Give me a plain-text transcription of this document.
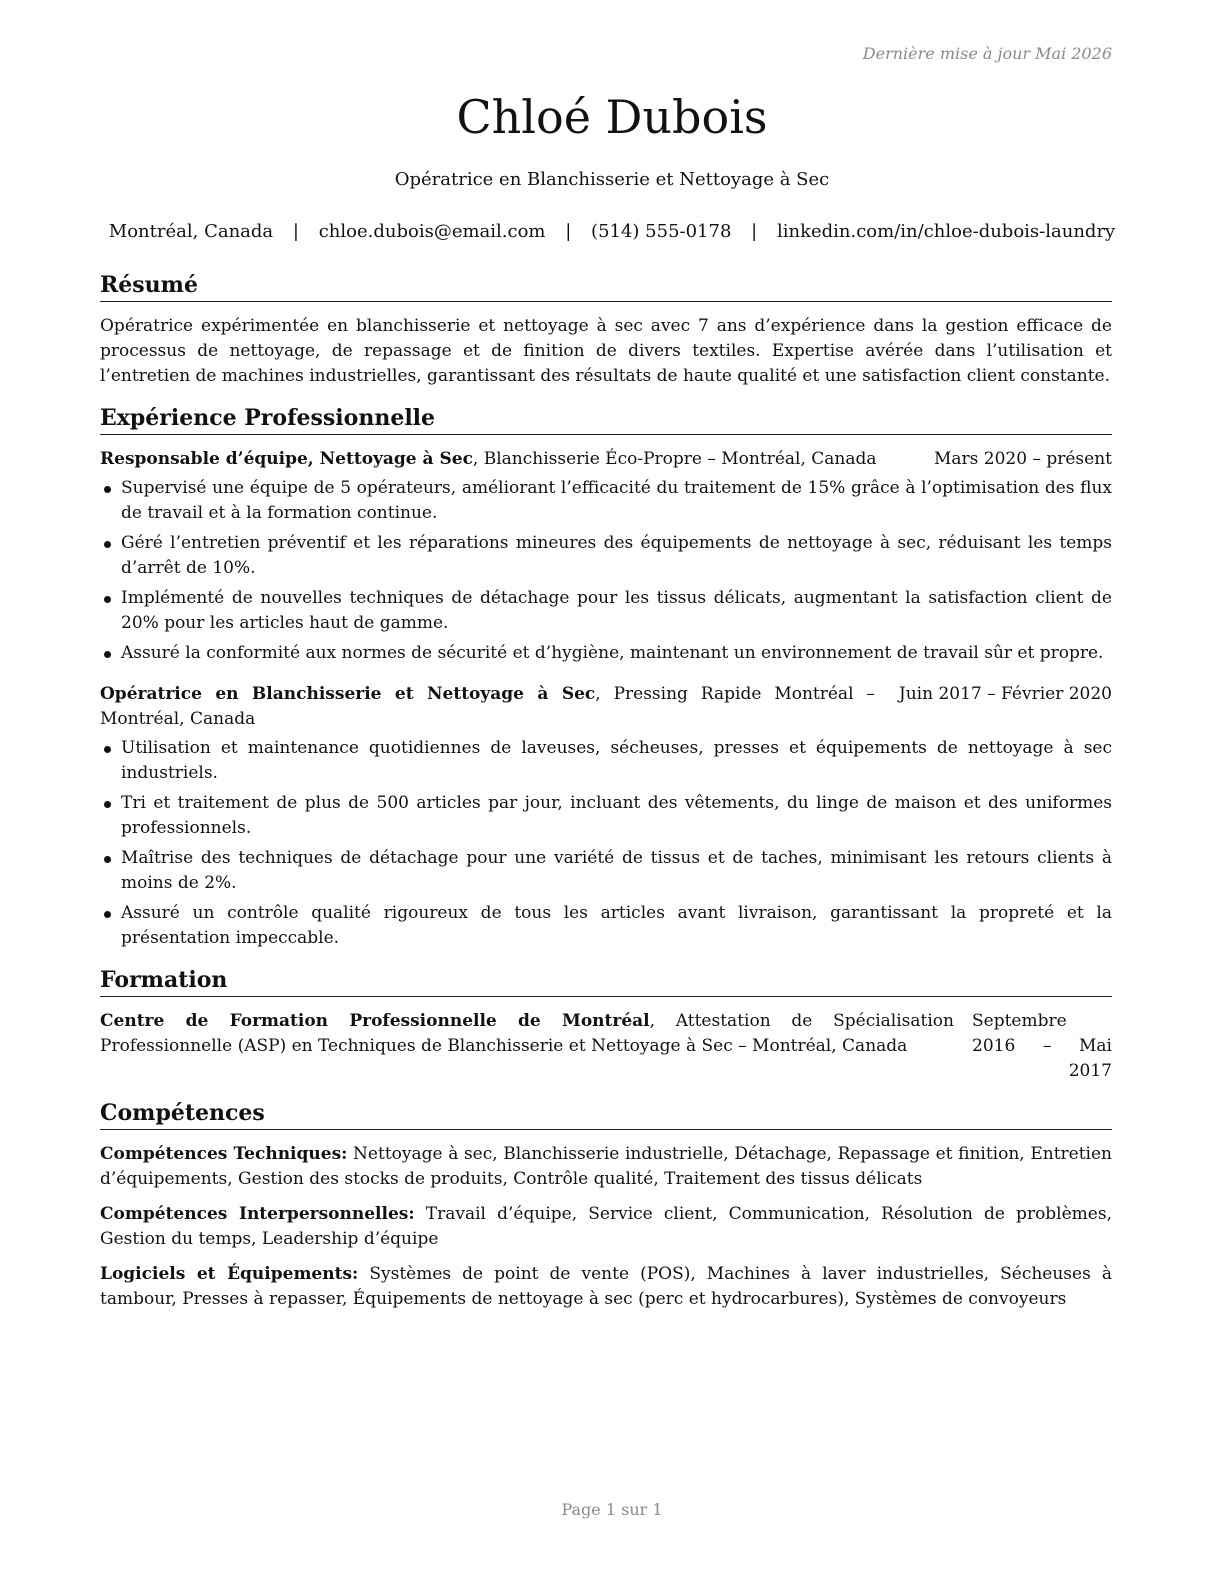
Dernière mise à jour Mai 2026
Chloé Dubois
Opératrice en Blanchisserie et Nettoyage à Sec
Montréal, Canada | chloe.dubois@email.com | (514) 555-0178 | linkedin.com/in/chloe-dubois-laundry
Résumé
Opératrice expérimentée en blanchisserie et nettoyage à sec avec 7 ans d’expérience dans la gestion efficace de processus de nettoyage, de repassage et de finition de divers textiles. Expertise avérée dans l’utilisation et l’entretien de machines industrielles, garantissant des résultats de haute qualité et une satisfaction client constante.
Expérience Professionnelle
Responsable d’équipe, Nettoyage à Sec, Blanchisserie Éco-Propre – Montréal, Canada	Mars 2020 – présent
Supervisé une équipe de 5 opérateurs, améliorant l’efficacité du traitement de 15% grâce à l’optimisation des flux de travail et à la formation continue.
Géré l’entretien préventif et les réparations mineures des équipements de nettoyage à sec, réduisant les temps d’arrêt de 10%.
Implémenté de nouvelles techniques de détachage pour les tissus délicats, augmentant la satisfaction client de 20% pour les articles haut de gamme.
Assuré la conformité aux normes de sécurité et d’hygiène, maintenant un environnement de travail sûr et propre.
Opératrice en Blanchisserie et Nettoyage à Sec, Pressing Rapide Montréal – Montréal, Canada
Juin 2017 – Février 2020
Utilisation et maintenance quotidiennes de laveuses, sécheuses, presses et équipements de nettoyage à sec industriels.
Tri et traitement de plus de 500 articles par jour, incluant des vêtements, du linge de maison et des uniformes professionnels.
Maîtrise des techniques de détachage pour une variété de tissus et de taches, minimisant les retours clients à moins de 2%.
Assuré un contrôle qualité rigoureux de tous les articles avant livraison, garantissant la propreté et la présentation impeccable.
Formation
Centre de Formation Professionnelle de Montréal, Attestation de Spécialisation Professionnelle (ASP) en Techniques de Blanchisserie et Nettoyage à Sec – Montréal, Canada
Septembre 2016 – Mai 2017
Compétences
Compétences Techniques: Nettoyage à sec, Blanchisserie industrielle, Détachage, Repassage et finition, Entretien d’équipements, Gestion des stocks de produits, Contrôle qualité, Traitement des tissus délicats
Compétences Interpersonnelles: Travail d’équipe, Service client, Communication, Résolution de problèmes, Gestion du temps, Leadership d’équipe
Logiciels et Équipements: Systèmes de point de vente (POS), Machines à laver industrielles, Sécheuses à tambour, Presses à repasser, Équipements de nettoyage à sec (perc et hydrocarbures), Systèmes de convoyeurs
Page 1 sur 1
